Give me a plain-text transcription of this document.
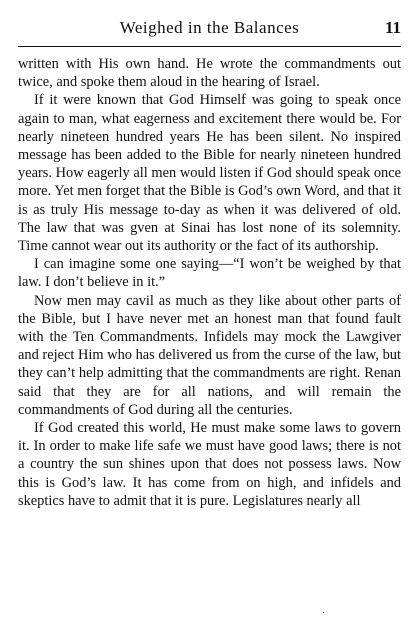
Weighed in the Balances	11

written with His own hand. He wrote the commandments out twice, and spoke them aloud in the hearing of Israel.

If it were known that God Himself was going to speak once again to man, what eagerness and excitement there would be. For nearly nineteen hundred years He has been silent. No inspired message has been added to the Bible for nearly nineteen hundred years. How eagerly all men would listen if God should speak once more. Yet men forget that the Bible is God’s own Word, and that it is as truly His message to-day as when it was delivered of old. The law that was gven at Sinai has lost none of its solemnity. Time cannot wear out its authority or the fact of its authorship.

I can imagine some one saying—“I won’t be weighed by that law. I don’t believe in it.”

Now men may cavil as much as they like about other parts of the Bible, but I have never met an honest man that found fault with the Ten Commandments. Infidels may mock the Lawgiver and reject Him who has delivered us from the curse of the law, but they can’t help admitting that the commandments are right. Renan said that they are for all nations, and will remain the commandments of God during all the centuries.

If God created this world, He must make some laws to govern it. In order to make life safe we must have good laws; there is not a country the sun shines upon that does not possess laws. Now this is God’s law. It has come from on high, and infidels and skeptics have to admit that it is pure. Legislatures nearly all

·
